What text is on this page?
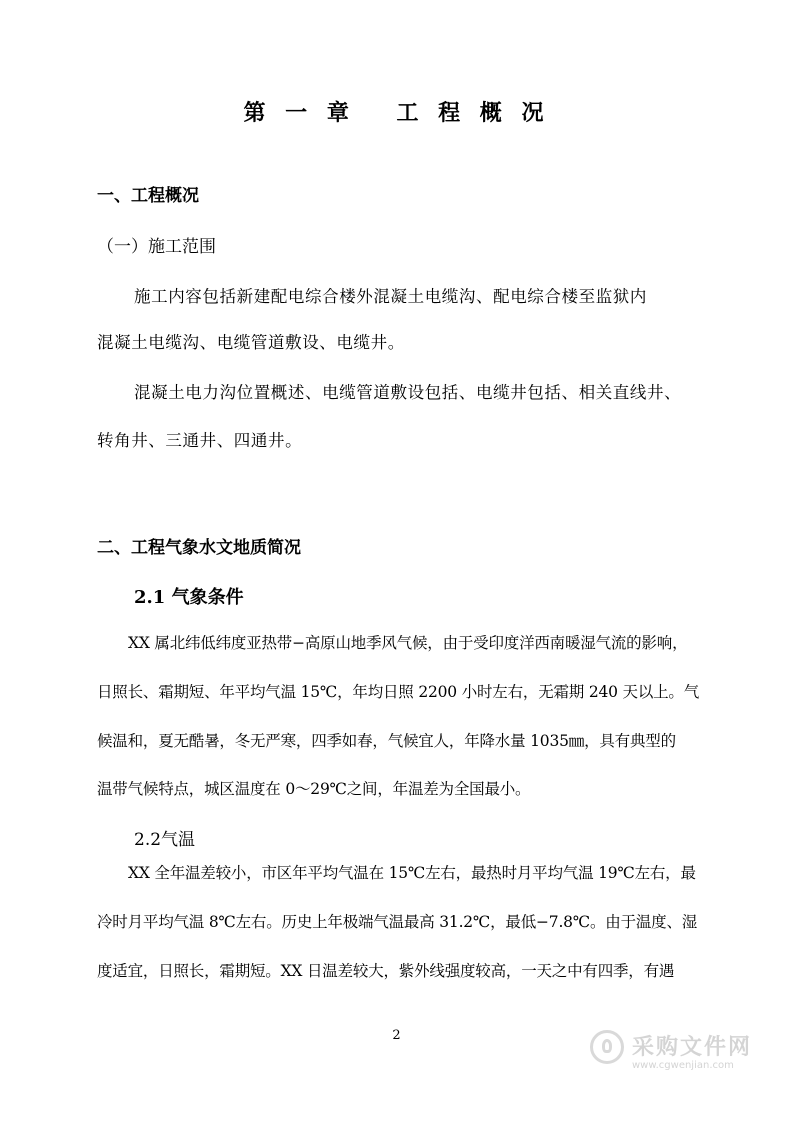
第 一 章　 工 程 概 况
一、工程概况
（一）施工范围
施工内容包括新建配电综合楼外混凝土电缆沟、配电综合楼至监狱内
混凝土电缆沟、电缆管道敷设、电缆井。
混凝土电力沟位置概述、电缆管道敷设包括、电缆井包括、相关直线井、
转角井、三通井、四通井。
二、工程气象水文地质简况
2.1 气象条件
XX 属北纬低纬度亚热带−高原山地季风气候，由于受印度洋西南暖湿气流的影响，
日照长、霜期短、年平均气温 15℃，年均日照 2200 小时左右，无霜期 240 天以上。气
候温和，夏无酷暑，冬无严寒，四季如春，气候宜人，年降水量 1035㎜，具有典型的
温带气候特点，城区温度在 0～29℃之间，年温差为全国最小。
2.2气温
XX 全年温差较小，市区年平均气温在 15℃左右，最热时月平均气温 19℃左右，最
冷时月平均气温 8℃左右。历史上年极端气温最高 31.2℃，最低−7.8℃。由于温度、湿
度适宜，日照长，霜期短。XX 日温差较大，紫外线强度较高，一天之中有四季，有遇
2	采购文件网
www.cgwenjian.com
